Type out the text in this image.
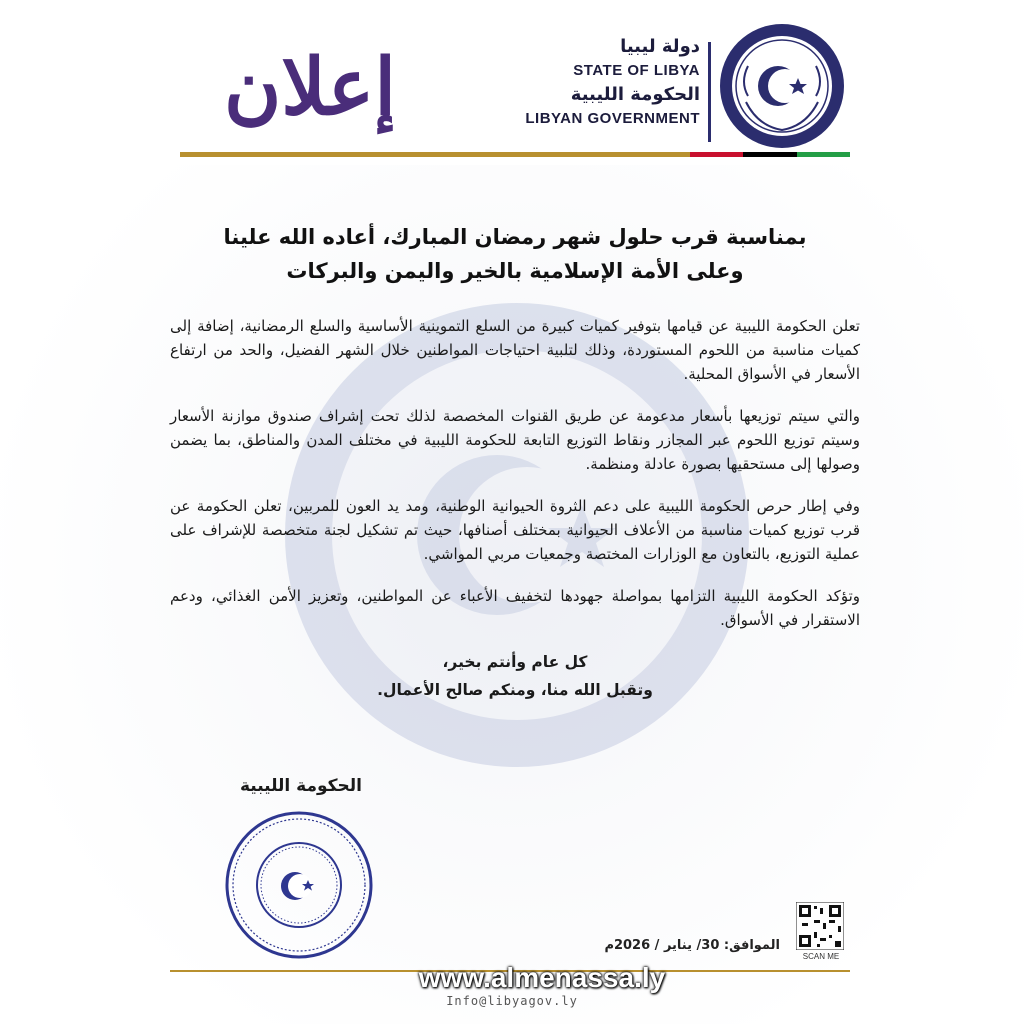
إعلان	دولة ليبيا
STATE OF LIBYA
الحكومة الليبية
LIBYAN GOVERNMENT
بمناسبة قرب حلول شهر رمضان المبارك، أعاده الله علينا
وعلى الأمة الإسلامية بالخير واليمن والبركات

تعلن الحكومة الليبية عن قيامها بتوفير كميات كبيرة من السلع التموينية الأساسية والسلع الرمضانية، إضافة إلى كميات مناسبة من اللحوم المستوردة، وذلك لتلبية احتياجات المواطنين خلال الشهر الفضيل، والحد من ارتفاع الأسعار في الأسواق المحلية.

والتي سيتم توزيعها بأسعار مدعومة عن طريق القنوات المخصصة لذلك تحت إشراف صندوق موازنة الأسعار وسيتم توزيع اللحوم عبر المجازر ونقاط التوزيع التابعة للحكومة الليبية في مختلف المدن والمناطق، بما يضمن وصولها إلى مستحقيها بصورة عادلة ومنظمة.

وفي إطار حرص الحكومة الليبية على دعم الثروة الحيوانية الوطنية، ومد يد العون للمربين، تعلن الحكومة عن قرب توزيع كميات مناسبة من الأعلاف الحيوانية بمختلف أصنافها، حيث تم تشكيل لجنة متخصصة للإشراف على عملية التوزيع، بالتعاون مع الوزارات المختصة وجمعيات مربي المواشي.

وتؤكد الحكومة الليبية التزامها بمواصلة جهودها لتخفيف الأعباء عن المواطنين، وتعزيز الأمن الغذائي، ودعم الاستقرار في الأسواق.

كل عام وأنتم بخير،
وتقبل الله منا، ومنكم صالح الأعمال.
الحكومة الليبية
الموافق: 30/ يناير / 2026م
SCAN ME
www.almenassa.ly
Info@libyagov.ly
